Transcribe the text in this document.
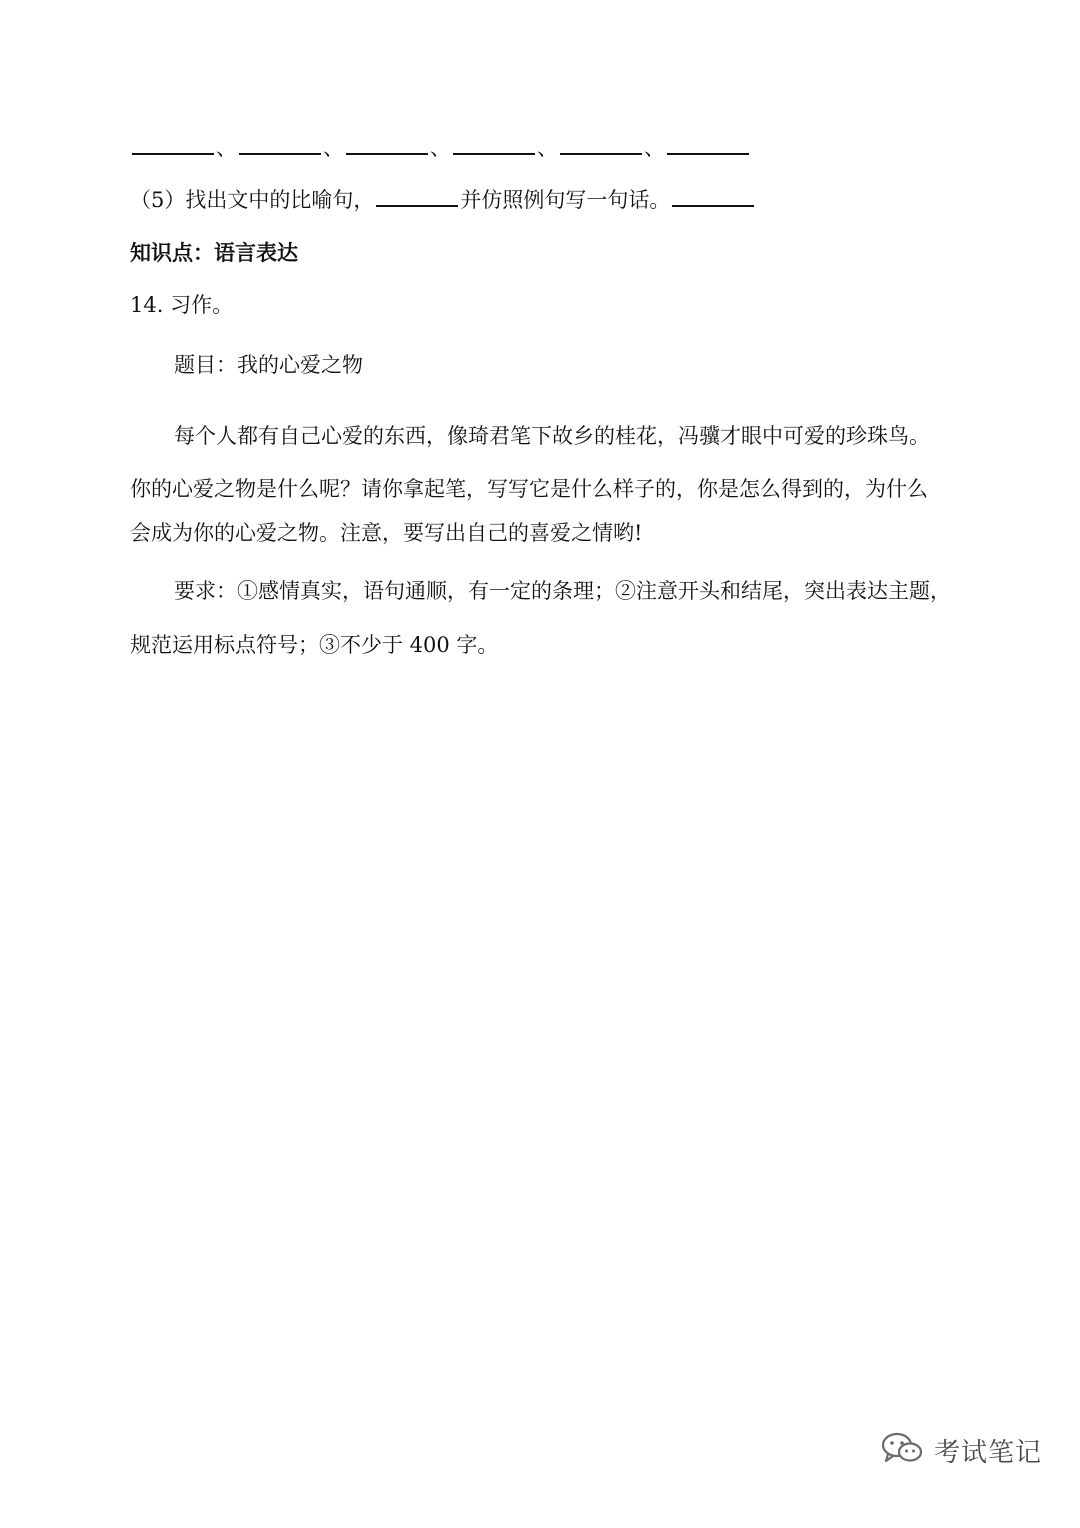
、	、	、	、	、
（5）找出文中的比喻句，	并仿照例句写一句话。
知识点：语言表达
14. 习作。
题目：我的心爱之物
每个人都有自己心爱的东西，像琦君笔下故乡的桂花，冯骥才眼中可爱的珍珠鸟。
你的心爱之物是什么呢？请你拿起笔，写写它是什么样子的，你是怎么得到的，为什么
会成为你的心爱之物。注意，要写出自己的喜爱之情哟!
要求：①感情真实，语句通顺，有一定的条理；②注意开头和结尾，突出表达主题，
规范运用标点符号；③不少于 400 字。
考试笔记
